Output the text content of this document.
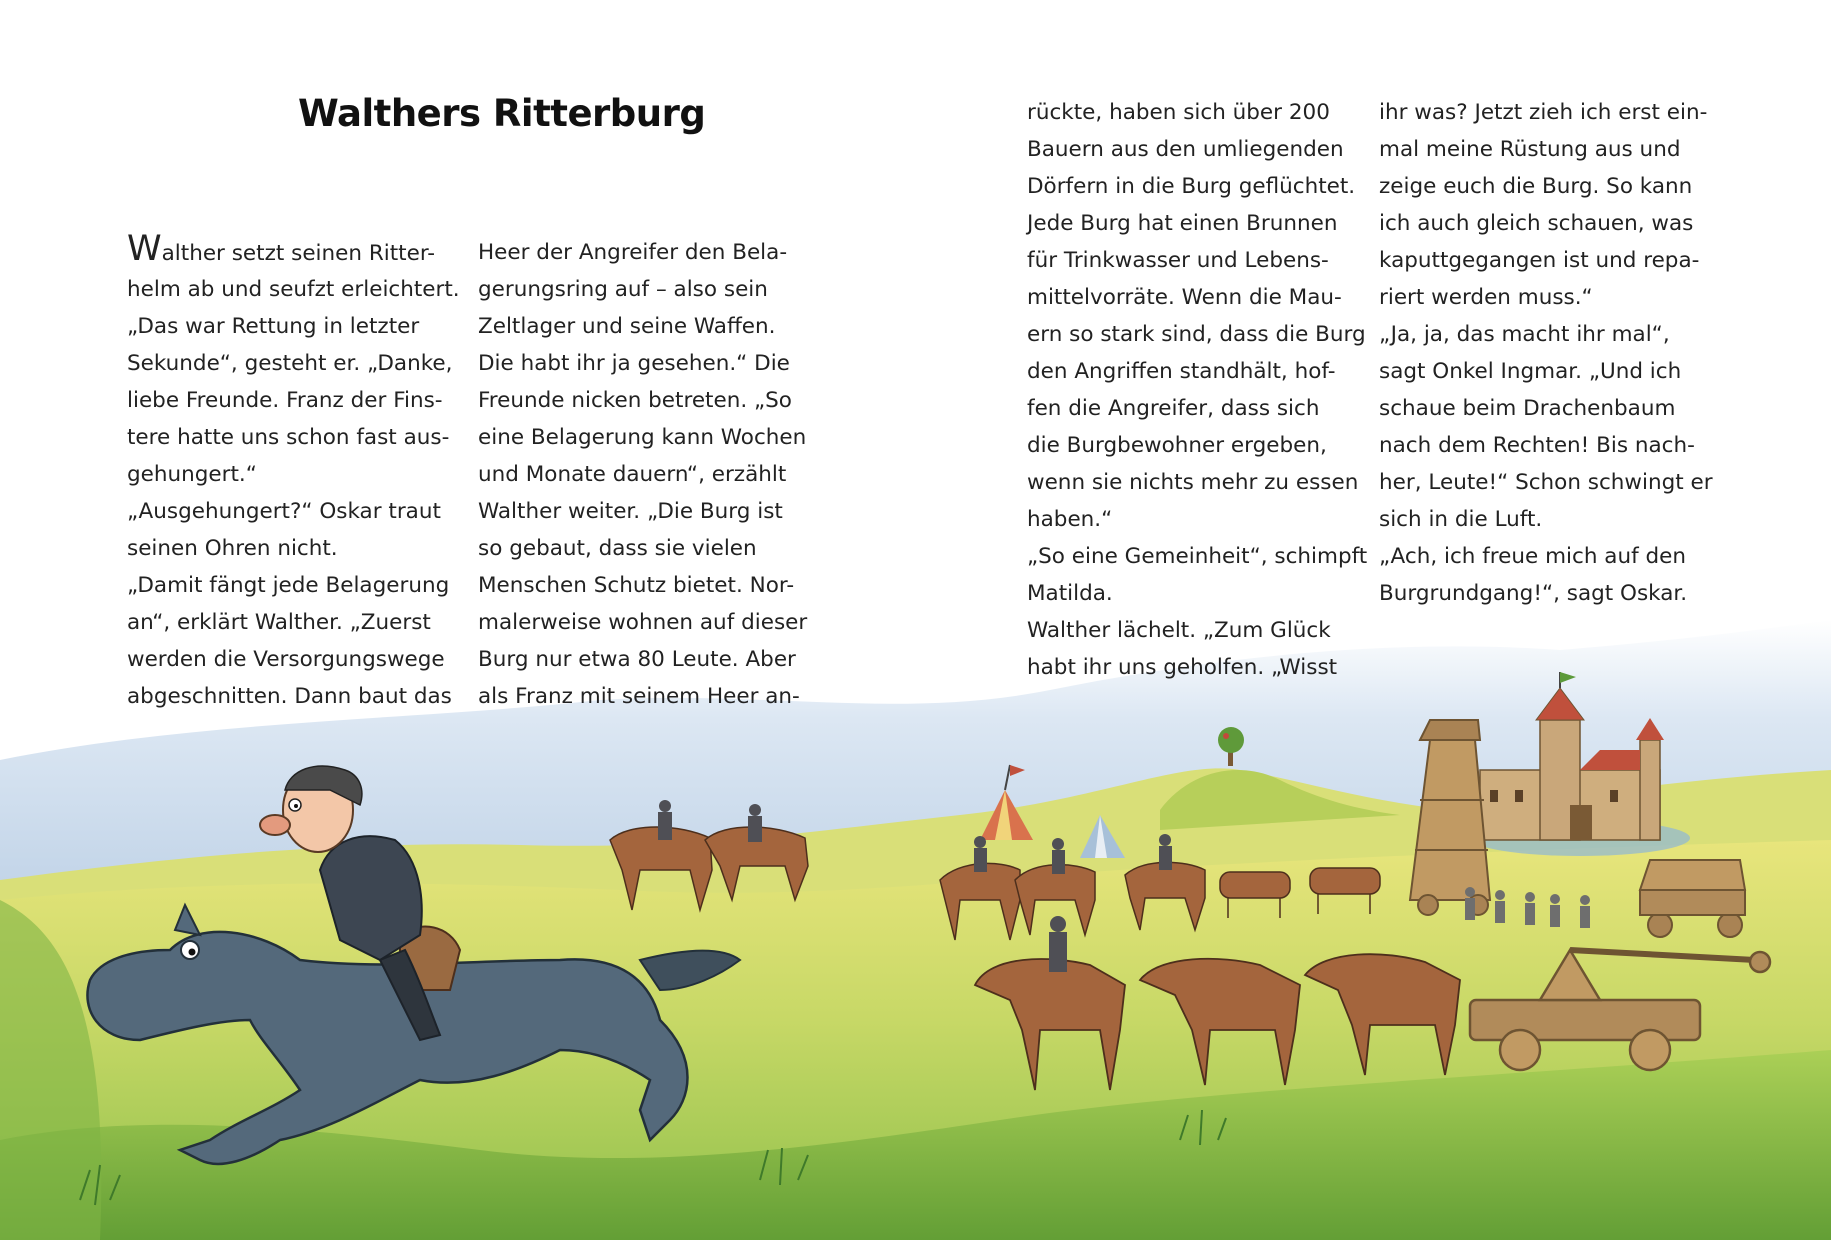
Walthers Ritterburg
Walther setzt seinen Ritter-
helm ab und seufzt erleichtert.
„Das war Rettung in letzter
Sekunde“, gesteht er. „Danke,
liebe Freunde. Franz der Fins-
tere hatte uns schon fast aus-
gehungert.“
„Ausgehungert?“ Oskar traut
seinen Ohren nicht.
„Damit fängt jede Belagerung
an“, erklärt Walther. „Zuerst
werden die Versorgungswege
abgeschnitten. Dann baut das
Heer der Angreifer den Bela-
gerungsring auf – also sein
Zeltlager und seine Waffen.
Die habt ihr ja gesehen.“ Die
Freunde nicken betreten. „So
eine Belagerung kann Wochen
und Monate dauern“, erzählt
Walther weiter. „Die Burg ist
so gebaut, dass sie vielen
Menschen Schutz bietet. Nor-
malerweise wohnen auf dieser
Burg nur etwa 80 Leute. Aber
als Franz mit seinem Heer an-
rückte, haben sich über 200
Bauern aus den umliegenden
Dörfern in die Burg geflüchtet.
Jede Burg hat einen Brunnen
für Trinkwasser und Lebens-
mittelvorräte. Wenn die Mau-
ern so stark sind, dass die Burg
den Angriffen standhält, hof-
fen die Angreifer, dass sich
die Burgbewohner ergeben,
wenn sie nichts mehr zu essen
haben.“
„So eine Gemeinheit“, schimpft
Matilda.
Walther lächelt. „Zum Glück
habt ihr uns geholfen. „Wisst
ihr was? Jetzt zieh ich erst ein-
mal meine Rüstung aus und
zeige euch die Burg. So kann
ich auch gleich schauen, was
kaputtgegangen ist und repa-
riert werden muss.“
„Ja, ja, das macht ihr mal“,
sagt Onkel Ingmar. „Und ich
schaue beim Drachenbaum
nach dem Rechten! Bis nach-
her, Leute!“ Schon schwingt er
sich in die Luft.
„Ach, ich freue mich auf den
Burgrundgang!“, sagt Oskar.
